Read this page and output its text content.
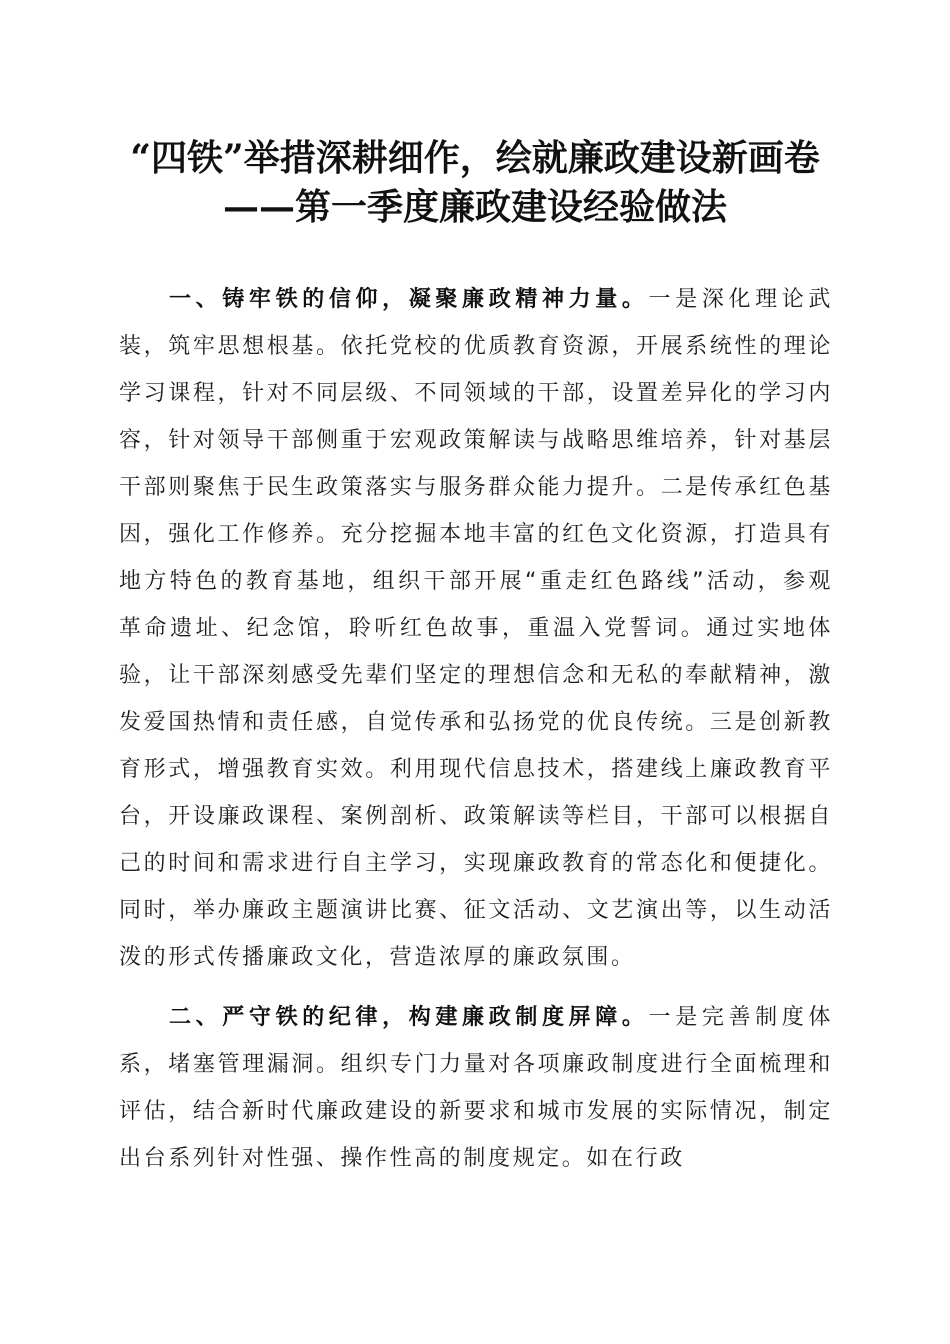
“四铁”举措深耕细作，绘就廉政建设新画卷
——第一季度廉政建设经验做法

一、铸牢铁的信仰，凝聚廉政精神力量。一是深化理论武装，筑牢思想根基。依托党校的优质教育资源，开展系统性的理论学习课程，针对不同层级、不同领域的干部，设置差异化的学习内容，针对领导干部侧重于宏观政策解读与战略思维培养，针对基层干部则聚焦于民生政策落实与服务群众能力提升。二是传承红色基因，强化工作修养。充分挖掘本地丰富的红色文化资源，打造具有地方特色的教育基地，组织干部开展“重走红色路线”活动，参观革命遗址、纪念馆，聆听红色故事，重温入党誓词。通过实地体验，让干部深刻感受先辈们坚定的理想信念和无私的奉献精神，激发爱国热情和责任感，自觉传承和弘扬党的优良传统。三是创新教育形式，增强教育实效。利用现代信息技术，搭建线上廉政教育平台，开设廉政课程、案例剖析、政策解读等栏目，干部可以根据自己的时间和需求进行自主学习，实现廉政教育的常态化和便捷化。同时，举办廉政主题演讲比赛、征文活动、文艺演出等，以生动活泼的形式传播廉政文化，营造浓厚的廉政氛围。

二、严守铁的纪律，构建廉政制度屏障。一是完善制度体系，堵塞管理漏洞。组织专门力量对各项廉政制度进行全面梳理和评估，结合新时代廉政建设的新要求和城市发展的实际情况，制定出台系列针对性强、操作性高的制度规定。如在行政
